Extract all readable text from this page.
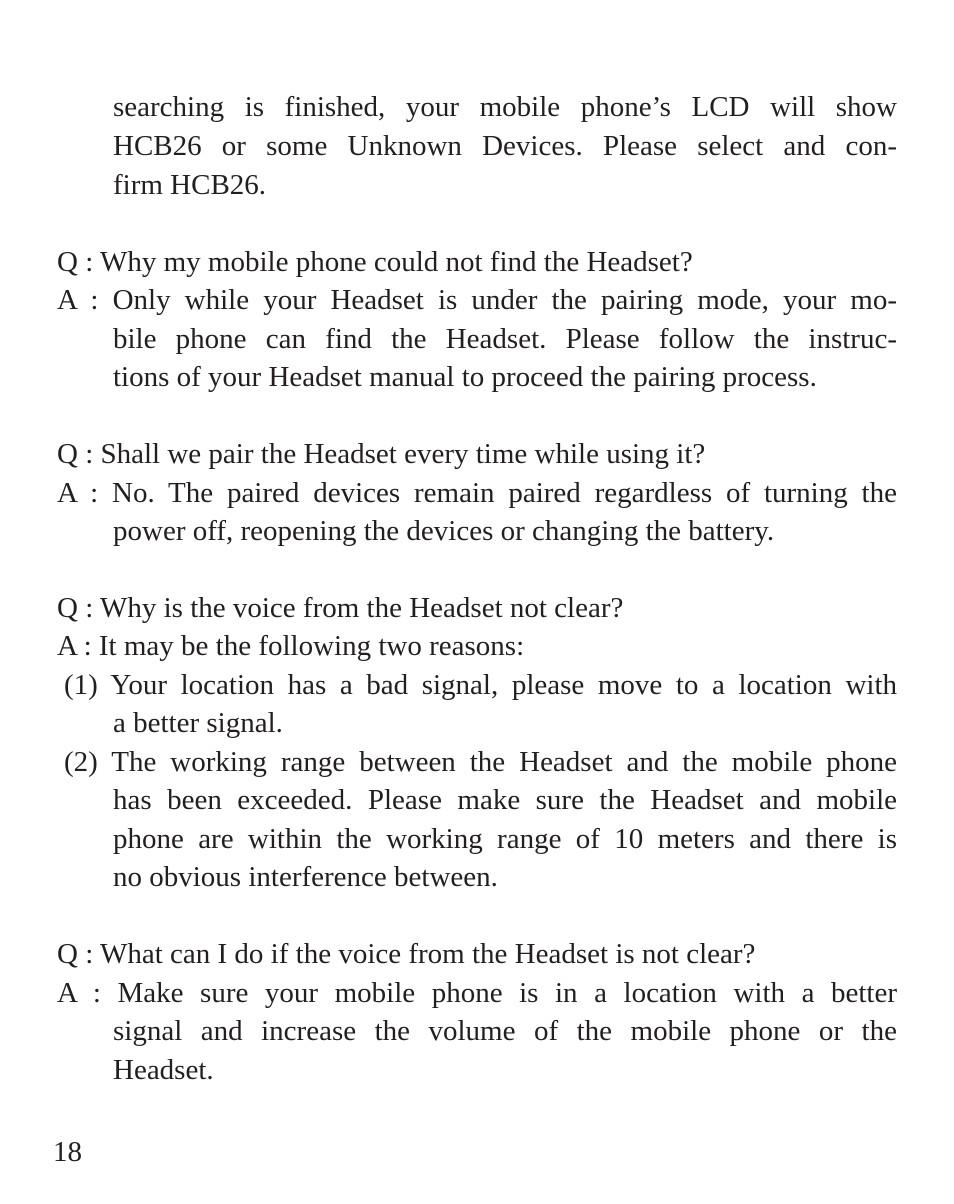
searching is finished, your mobile phone’s LCD will show
HCB26 or some Unknown Devices. Please select and con-
firm HCB26.
Q : Why my mobile phone could not find the Headset?
A : Only while your Headset is under the pairing mode, your mo-
bile phone can find the Headset. Please follow the instruc-
tions of your Headset manual to proceed the pairing process.
Q : Shall we pair the Headset every time while using it?
A : No. The paired devices remain paired regardless of turning the
power off, reopening the devices or changing the battery.
Q : Why is the voice from the Headset not clear?
A : It may be the following two reasons:
(1) Your location has a bad signal, please move to a location with
a better signal.
(2) The working range between the Headset and the mobile phone
has been exceeded. Please make sure the Headset and mobile
phone are within the working range of 10 meters and there is
no obvious interference between.
Q : What can I do if the voice from the Headset is not clear?
A : Make sure your mobile phone is in a location with a better
signal and increase the volume of the mobile phone or the
Headset.
18
